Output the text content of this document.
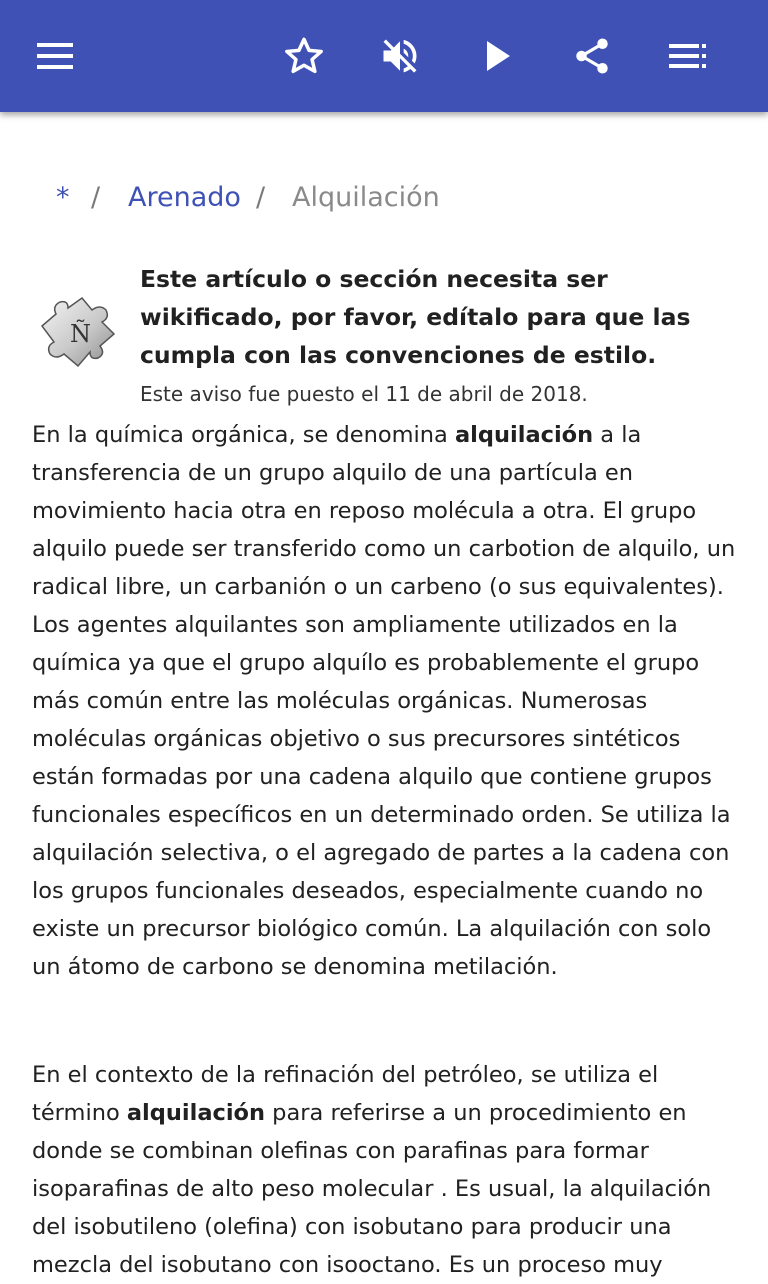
* / Arenado / Alquilación
Ñ
Este artículo o sección necesita ser wikificado, por favor, edítalo para que las cumpla con las convenciones de estilo.
Este aviso fue puesto el 11 de abril de 2018.

En la química orgánica, se denomina alquilación a la transferencia de un grupo alquilo de una partícula en movimiento hacia otra en reposo molécula a otra. El grupo alquilo puede ser transferido como un carbotion de alquilo, un radical libre, un carbanión o un carbeno (o sus equivalentes). Los agentes alquilantes son ampliamente utilizados en la química ya que el grupo alquílo es probablemente el grupo más común entre las moléculas orgánicas. Numerosas moléculas orgánicas objetivo o sus precursores sintéticos están formadas por una cadena alquilo que contiene grupos funcionales específicos en un determinado orden. Se utiliza la alquilación selectiva, o el agregado de partes a la cadena con los grupos funcionales deseados, especialmente cuando no existe un precursor biológico común. La alquilación con solo un átomo de carbono se denomina metilación.

En el contexto de la refinación del petróleo, se utiliza el término alquilación para referirse a un procedimiento en donde se combinan olefinas con parafinas para formar isoparafinas de alto peso molecular . Es usual, la alquilación del isobutileno (olefina) con isobutano para producir una mezcla del isobutano con isooctano. Es un proceso muy
